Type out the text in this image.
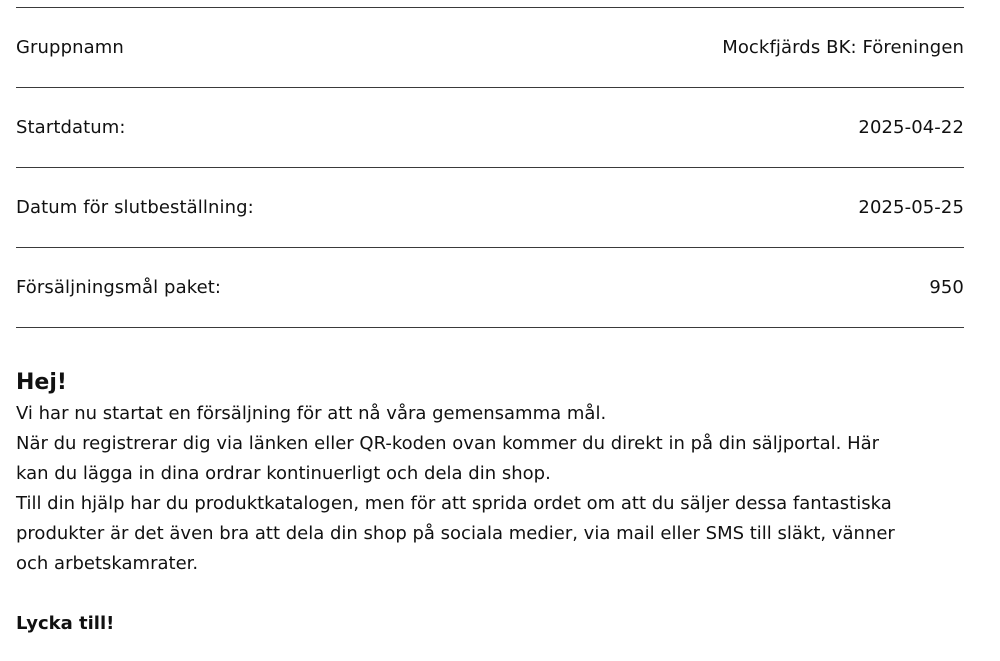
Gruppnamn	Mockfjärds BK: Föreningen
Startdatum:	2025-04-22
Datum för slutbeställning:	2025-05-25
Försäljningsmål paket:	950

Hej!

Vi har nu startat en försäljning för att nå våra gemensamma mål.

När du registrerar dig via länken eller QR-koden ovan kommer du direkt in på din säljportal. Här

kan du lägga in dina ordrar kontinuerligt och dela din shop.

Till din hjälp har du produktkatalogen, men för att sprida ordet om att du säljer dessa fantastiska

produkter är det även bra att dela din shop på sociala medier, via mail eller SMS till släkt, vänner

och arbetskamrater.

Lycka till!
